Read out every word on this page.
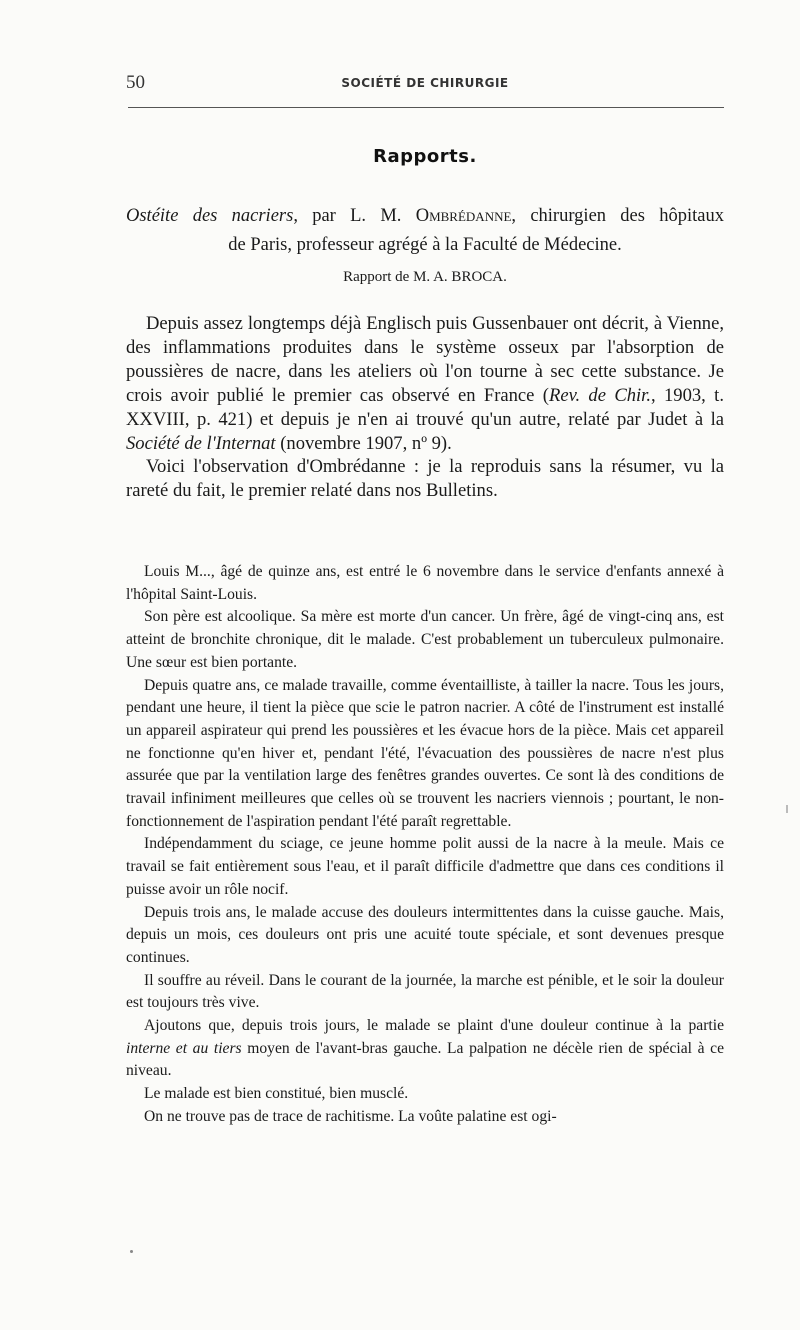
50	SOCIÉTÉ DE CHIRURGIE
Rapports.
Ostéite des nacriers, par L. M. Ombrédanne, chirurgien des hôpitaux
de Paris, professeur agrégé à la Faculté de Médecine.
Rapport de M. A. BROCA.

Depuis assez longtemps déjà Englisch puis Gussenbauer ont décrit, à Vienne, des inflammations produites dans le système osseux par l'absorption de poussières de nacre, dans les ateliers où l'on tourne à sec cette substance. Je crois avoir publié le premier cas observé en France (Rev. de Chir., 1903, t. XXVIII, p. 421) et depuis je n'en ai trouvé qu'un autre, relaté par Judet à la Société de l'Internat (novembre 1907, nº 9).

Voici l'observation d'Ombrédanne : je la reproduis sans la résumer, vu la rareté du fait, le premier relaté dans nos Bulletins.

Louis M..., âgé de quinze ans, est entré le 6 novembre dans le service d'enfants annexé à l'hôpital Saint-Louis.

Son père est alcoolique. Sa mère est morte d'un cancer. Un frère, âgé de vingt-cinq ans, est atteint de bronchite chronique, dit le malade. C'est probablement un tuberculeux pulmonaire. Une sœur est bien portante.

Depuis quatre ans, ce malade travaille, comme éventailliste, à tailler la nacre. Tous les jours, pendant une heure, il tient la pièce que scie le patron nacrier. A côté de l'instrument est installé un appareil aspirateur qui prend les poussières et les évacue hors de la pièce. Mais cet appareil ne fonctionne qu'en hiver et, pendant l'été, l'évacuation des poussières de nacre n'est plus assurée que par la ventilation large des fenêtres grandes ouvertes. Ce sont là des conditions de travail infiniment meilleures que celles où se trouvent les nacriers viennois ; pourtant, le non-fonctionnement de l'aspiration pendant l'été paraît regrettable.

Indépendamment du sciage, ce jeune homme polit aussi de la nacre à la meule. Mais ce travail se fait entièrement sous l'eau, et il paraît difficile d'admettre que dans ces conditions il puisse avoir un rôle nocif.

Depuis trois ans, le malade accuse des douleurs intermittentes dans la cuisse gauche. Mais, depuis un mois, ces douleurs ont pris une acuité toute spéciale, et sont devenues presque continues.

Il souffre au réveil. Dans le courant de la journée, la marche est pénible, et le soir la douleur est toujours très vive.

Ajoutons que, depuis trois jours, le malade se plaint d'une douleur continue à la partie interne et au tiers moyen de l'avant-bras gauche. La palpation ne décèle rien de spécial à ce niveau.

Le malade est bien constitué, bien musclé.

On ne trouve pas de trace de rachitisme. La voûte palatine est ogi-
